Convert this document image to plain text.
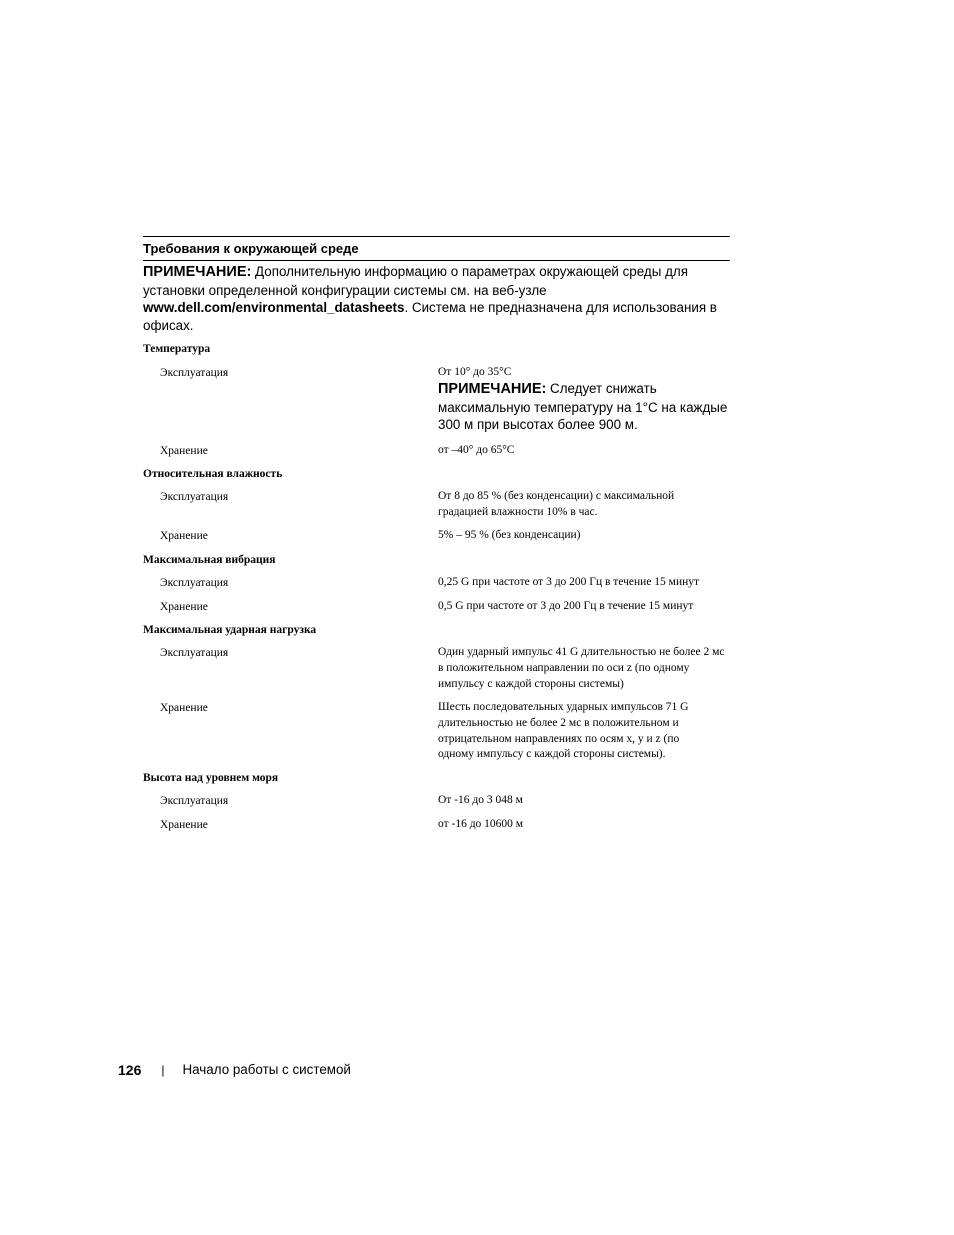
Требования к окружающей среде
ПРИМЕЧАНИЕ: Дополнительную информацию о параметрах окружающей среды для установки определенной конфигурации системы см. на веб-узле
www.dell.com/environmental_datasheets. Система не предназначена для использования в офисах.
Температура
Эксплуатация	От 10° до 35°C
ПРИМЕЧАНИЕ: Следует снижать максимальную температуру на 1°C на каждые 300 м при высотах более 900 м.
Хранение	от –40° до 65°C
Относительная влажность
Эксплуатация	От 8 до 85 % (без конденсации) с максимальной градацией влажности 10% в час.
Хранение	5% – 95 % (без конденсации)
Максимальная вибрация
Эксплуатация	0,25 G при частоте от 3 до 200 Гц в течение 15 минут
Хранение	0,5 G при частоте от 3 до 200 Гц в течение 15 минут
Максимальная ударная нагрузка
Эксплуатация	Один ударный импульс 41 G длительностью не более 2 мс в положительном направлении по оси z (по одному импульсу с каждой стороны системы)
Хранение	Шесть последовательных ударных импульсов 71 G длительностью не более 2 мс в положительном и отрицательном направлениях по осям x, y и z (по одному импульсу с каждой стороны системы).
Высота над уровнем моря
Эксплуатация	От -16 до 3 048 м
Хранение	от -16 до 10600 м
126 | Начало работы с системой
